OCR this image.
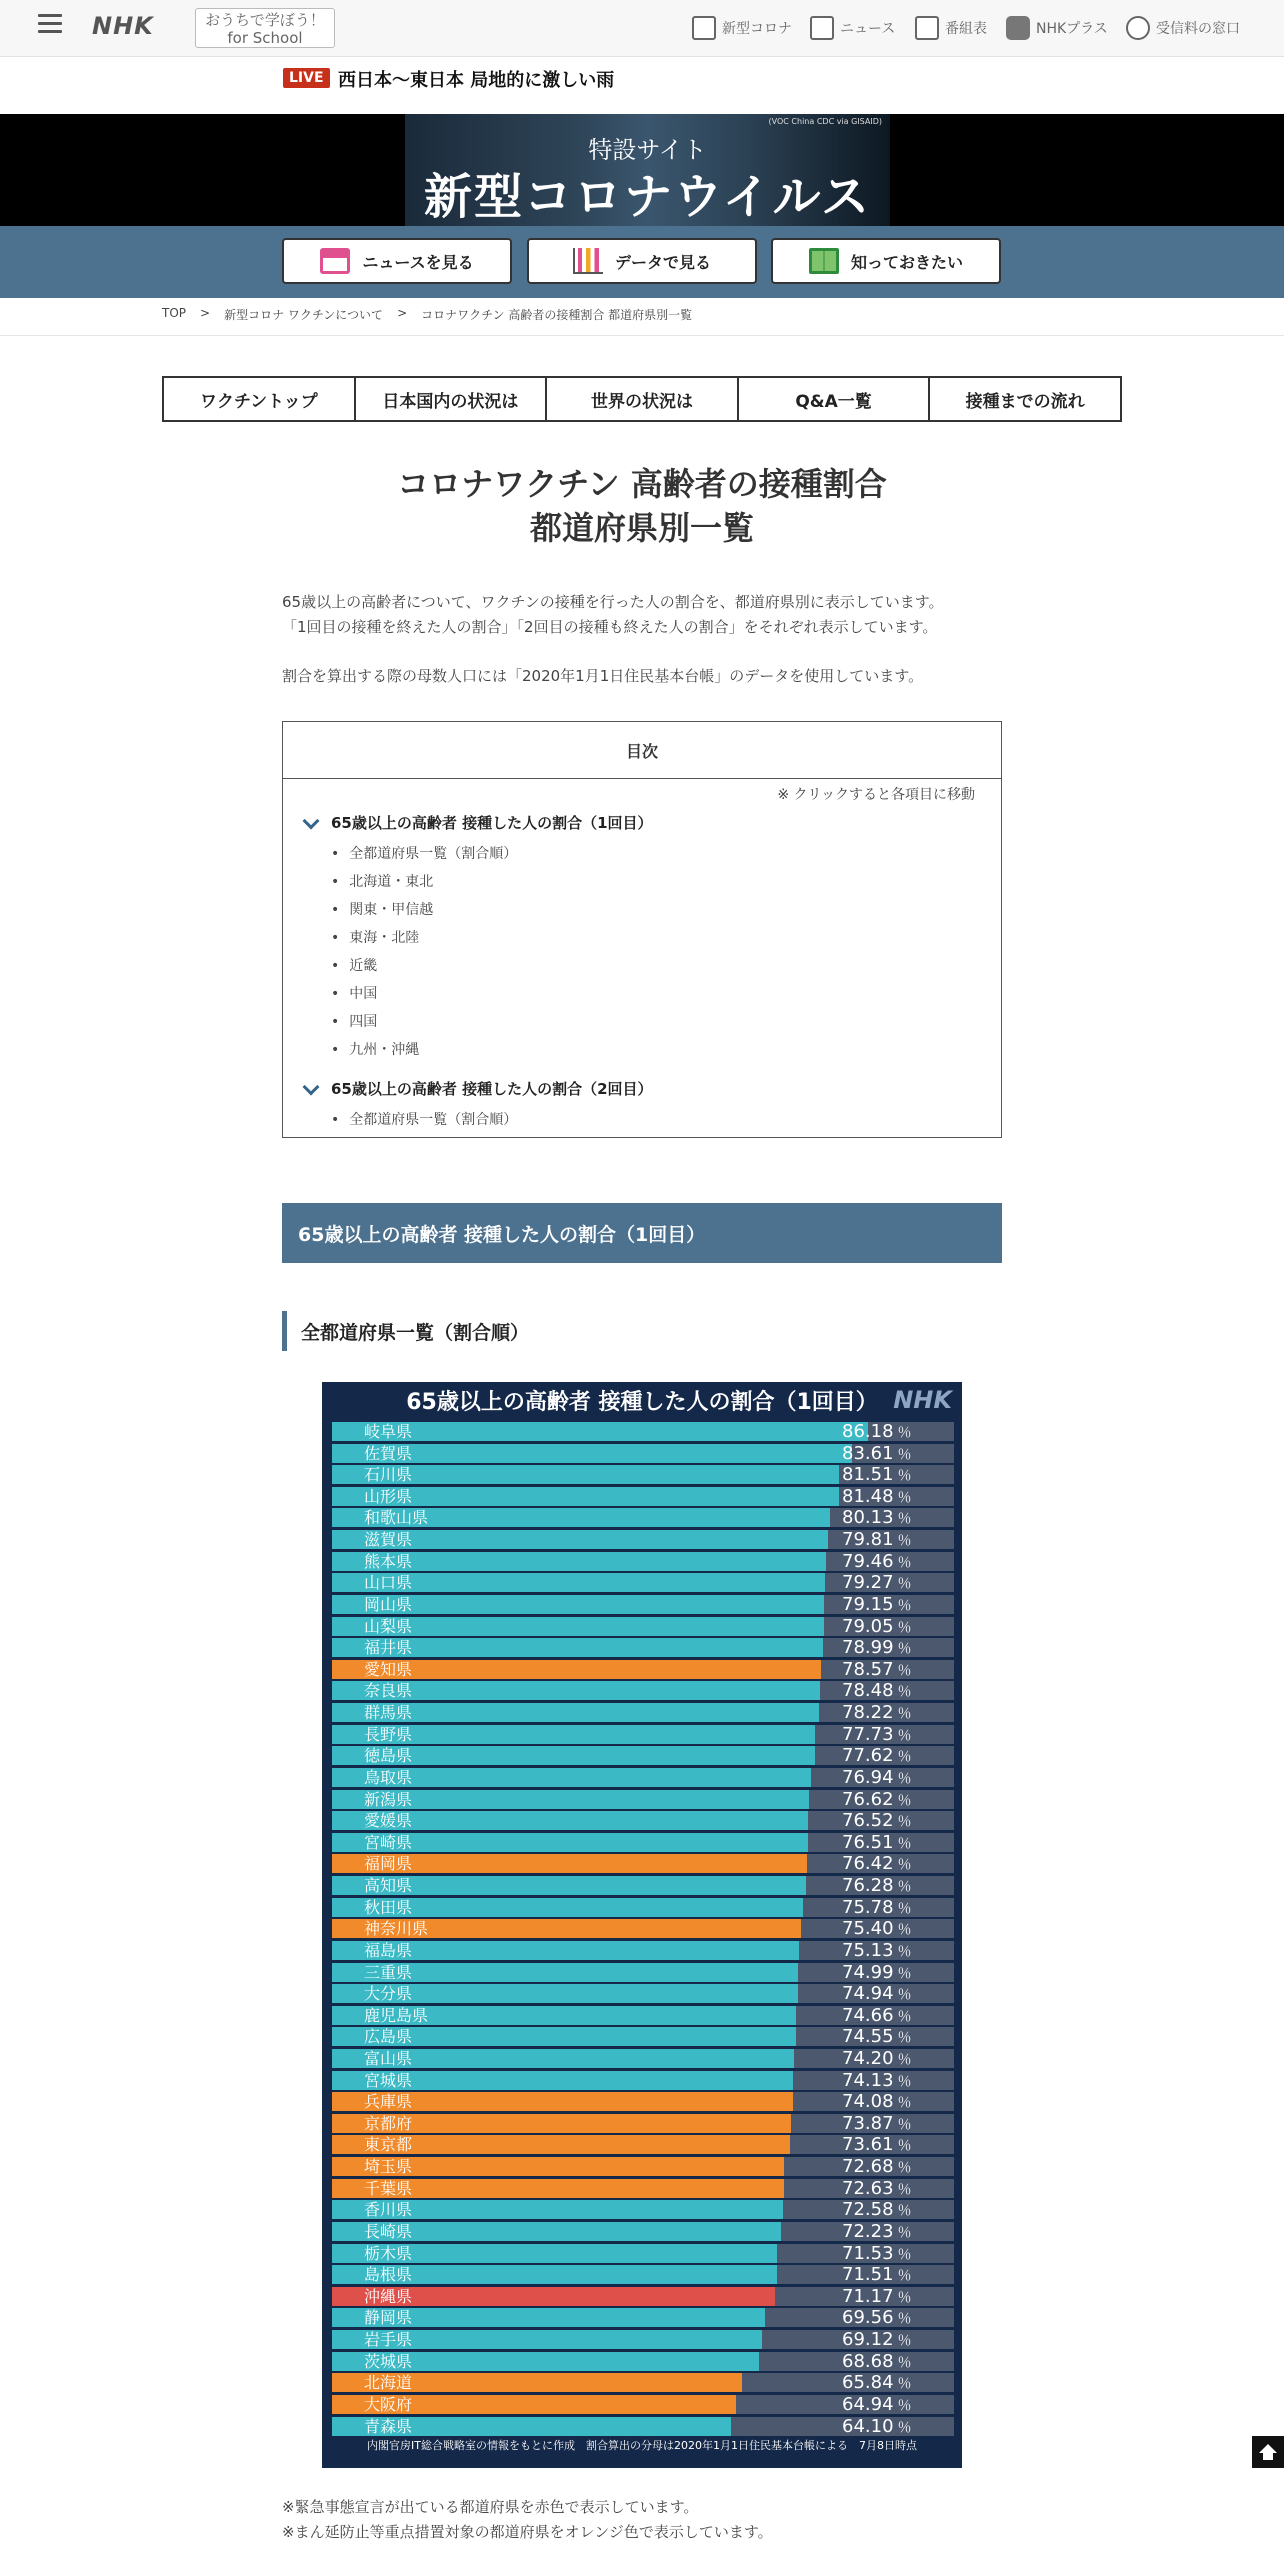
NHK	おうちで学ぼう！
for School	新型コロナ	ニュース	番組表	NHKプラス	受信料の窓口
LIVE 西日本～東日本 局地的に激しい雨
(VOC China CDC via GISAID)
特設サイト
新型コロナウイルス
ニュースを見る	データで見る	知っておきたい
TOP > 新型コロナ ワクチンについて > コロナワクチン 高齢者の接種割合 都道府県別一覧
ワクチントップ	日本国内の状況は	世界の状況は	Q&A一覧	接種までの流れ
コロナワクチン 高齢者の接種割合
都道府県別一覧
65歳以上の高齢者について、ワクチンの接種を行った人の割合を、都道府県別に表示しています。
「1回目の接種を終えた人の割合」「2回目の接種も終えた人の割合」をそれぞれ表示しています。
割合を算出する際の母数人口には「2020年1月1日住民基本台帳」のデータを使用しています。
目次
※ クリックすると各項目に移動
65歳以上の高齢者 接種した人の割合（1回目）
• 全都道府県一覧（割合順）
• 北海道・東北
• 関東・甲信越
• 東海・北陸
• 近畿
• 中国
• 四国
• 九州・沖縄
65歳以上の高齢者 接種した人の割合（2回目）
• 全都道府県一覧（割合順）
65歳以上の高齢者 接種した人の割合（1回目）
全都道府県一覧（割合順）
65歳以上の高齢者 接種した人の割合（1回目） NHK
岐阜県	86.18 ％
佐賀県	83.61 ％
石川県	81.51 ％
山形県	81.48 ％
和歌山県	80.13 ％
滋賀県	79.81 ％
熊本県	79.46 ％
山口県	79.27 ％
岡山県	79.15 ％
山梨県	79.05 ％
福井県	78.99 ％
愛知県	78.57 ％
奈良県	78.48 ％
群馬県	78.22 ％
長野県	77.73 ％
徳島県	77.62 ％
鳥取県	76.94 ％
新潟県	76.62 ％
愛媛県	76.52 ％
宮崎県	76.51 ％
福岡県	76.42 ％
高知県	76.28 ％
秋田県	75.78 ％
神奈川県	75.40 ％
福島県	75.13 ％
三重県	74.99 ％
大分県	74.94 ％
鹿児島県	74.66 ％
広島県	74.55 ％
富山県	74.20 ％
宮城県	74.13 ％
兵庫県	74.08 ％
京都府	73.87 ％
東京都	73.61 ％
埼玉県	72.68 ％
千葉県	72.63 ％
香川県	72.58 ％
長崎県	72.23 ％
栃木県	71.53 ％
島根県	71.51 ％
沖縄県	71.17 ％
静岡県	69.56 ％
岩手県	69.12 ％
茨城県	68.68 ％
北海道	65.84 ％
大阪府	64.94 ％
青森県	64.10 ％
内閣官房IT総合戦略室の情報をもとに作成　割合算出の分母は2020年1月1日住民基本台帳による　7月8日時点
※緊急事態宣言が出ている都道府県を赤色で表示しています。
※まん延防止等重点措置対象の都道府県をオレンジ色で表示しています。
